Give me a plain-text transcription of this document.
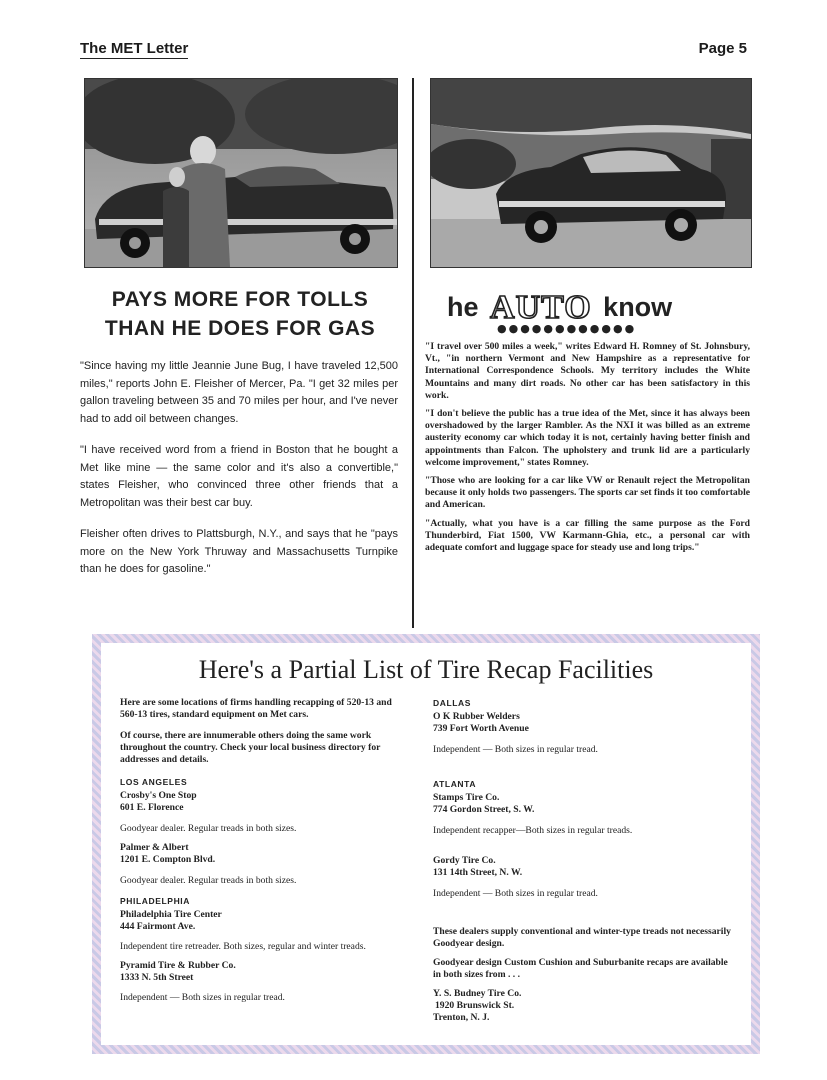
The MET Letter	Page 5
PAYS MORE FOR TOLLS
THAN HE DOES FOR GAS
he AUTO know
●●●●●●●●●●●●

"Since having my little Jeannie June Bug, I have traveled 12,500 miles," reports John E. Fleisher of Mercer, Pa. "I get 32 miles per gallon traveling between 35 and 70 miles per hour, and I've never had to add oil between changes.

"I have received word from a friend in Boston that he bought a Met like mine — the same color and it's also a convertible," states Fleisher, who convinced three other friends that a Metropolitan was their best car buy.

Fleisher often drives to Plattsburgh, N.Y., and says that he "pays more on the New York Thruway and Massachusetts Turnpike than he does for gasoline."

"I travel over 500 miles a week," writes Edward H. Romney of St. Johnsbury, Vt., "in northern Vermont and New Hampshire as a representative for International Correspondence Schools. My territory includes the White Mountains and many dirt roads. No other car has been satisfactory in this work.

"I don't believe the public has a true idea of the Met, since it has always been overshadowed by the larger Rambler. As the NXI it was billed as an extreme austerity economy car which today it is not, certainly having better finish and appointments than Falcon. The upholstery and trunk lid are a particularly welcome improvement," states Romney.

"Those who are looking for a car like VW or Renault reject the Metropolitan because it only holds two passengers. The sports car set finds it too comfortable and American.

"Actually, what you have is a car filling the same purpose as the Ford Thunderbird, Fiat 1500, VW Karmann-Ghia, etc., a personal car with adequate comfort and luggage space for steady use and long trips."

Here's a Partial List of Tire Recap Facilities

Here are some locations of firms handling recapping of 520-13 and 560-13 tires, standard equipment on Met cars.

Of course, there are innumerable others doing the same work throughout the country. Check your local business directory for addresses and details.

LOS ANGELES

Crosby's One Stop

601 E. Florence

Goodyear dealer. Regular treads in both sizes.

Palmer & Albert

1201 E. Compton Blvd.

Goodyear dealer. Regular treads in both sizes.

PHILADELPHIA

Philadelphia Tire Center

444 Fairmont Ave.

Independent tire retreader. Both sizes, regular and winter treads.

Pyramid Tire & Rubber Co.

1333 N. 5th Street

Independent — Both sizes in regular tread.

DALLAS

O K Rubber Welders

739 Fort Worth Avenue

Independent — Both sizes in regular tread.

ATLANTA

Stamps Tire Co.

774 Gordon Street, S. W.

Independent recapper—Both sizes in regular treads.

Gordy Tire Co.

131 14th Street, N. W.

Independent — Both sizes in regular tread.

These dealers supply conventional and winter-type treads not necessarily Goodyear design.

Goodyear design Custom Cushion and Suburbanite recaps are available in both sizes from . . .

Y. S. Budney Tire Co.

1920 Brunswick St.

Trenton, N. J.
